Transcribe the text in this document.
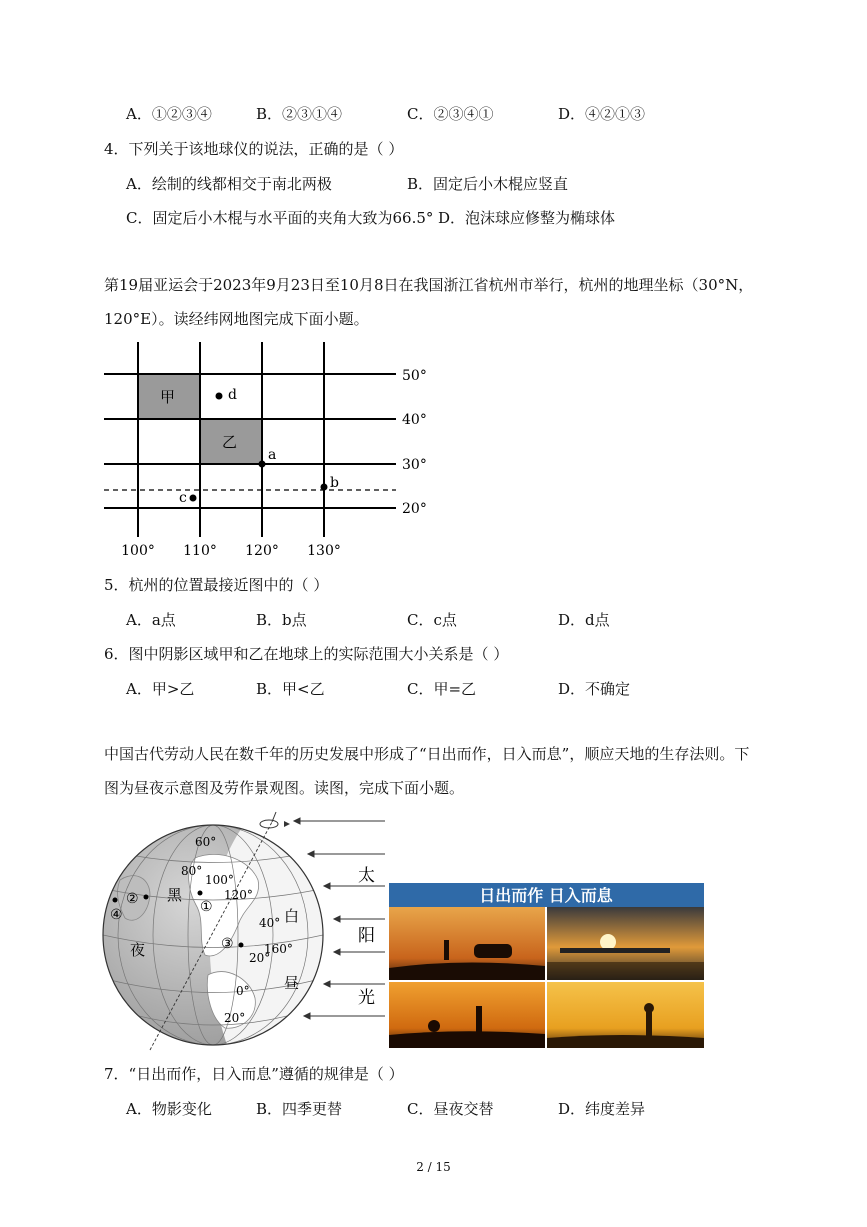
A．①②③④	B．②③①④	C．②③④①	D．④②①③
4．下列关于该地球仪的说法，正确的是（ ）
A．绘制的线都相交于南北两极	B．固定后小木棍应竖直
C．固定后小木棍与水平面的夹角大致为66.5° D．泡沫球应修整为椭球体
第19届亚运会于2023年9月23日至10月8日在我国浙江省杭州市举行，杭州的地理坐标（30°N，120°E）。读经纬网地图完成下面小题。
甲
乙
d
a
b
c
50°
40°
30°
20°
100° 110° 120° 130°
5．杭州的位置最接近图中的（ ）
A．a点	B．b点	C．c点	D．d点
6．图中阴影区域甲和乙在地球上的实际范围大小关系是（ ）
A．甲>乙	B．甲<乙	C．甲=乙	D．不确定
中国古代劳动人民在数千年的历史发展中形成了“日出而作，日入而息”，顺应天地的生存法则。下图为昼夜示意图及劳作景观图。读图，完成下面小题。
60°
80°
100°
120°
40°
160°
20°
0°
20°
黑
夜
白
昼
①
②
③
④
太
阳
光
日出而作 日入而息
7．“日出而作，日入而息”遵循的规律是（ ）
A．物影变化	B．四季更替	C．昼夜交替	D．纬度差异
2 / 15
